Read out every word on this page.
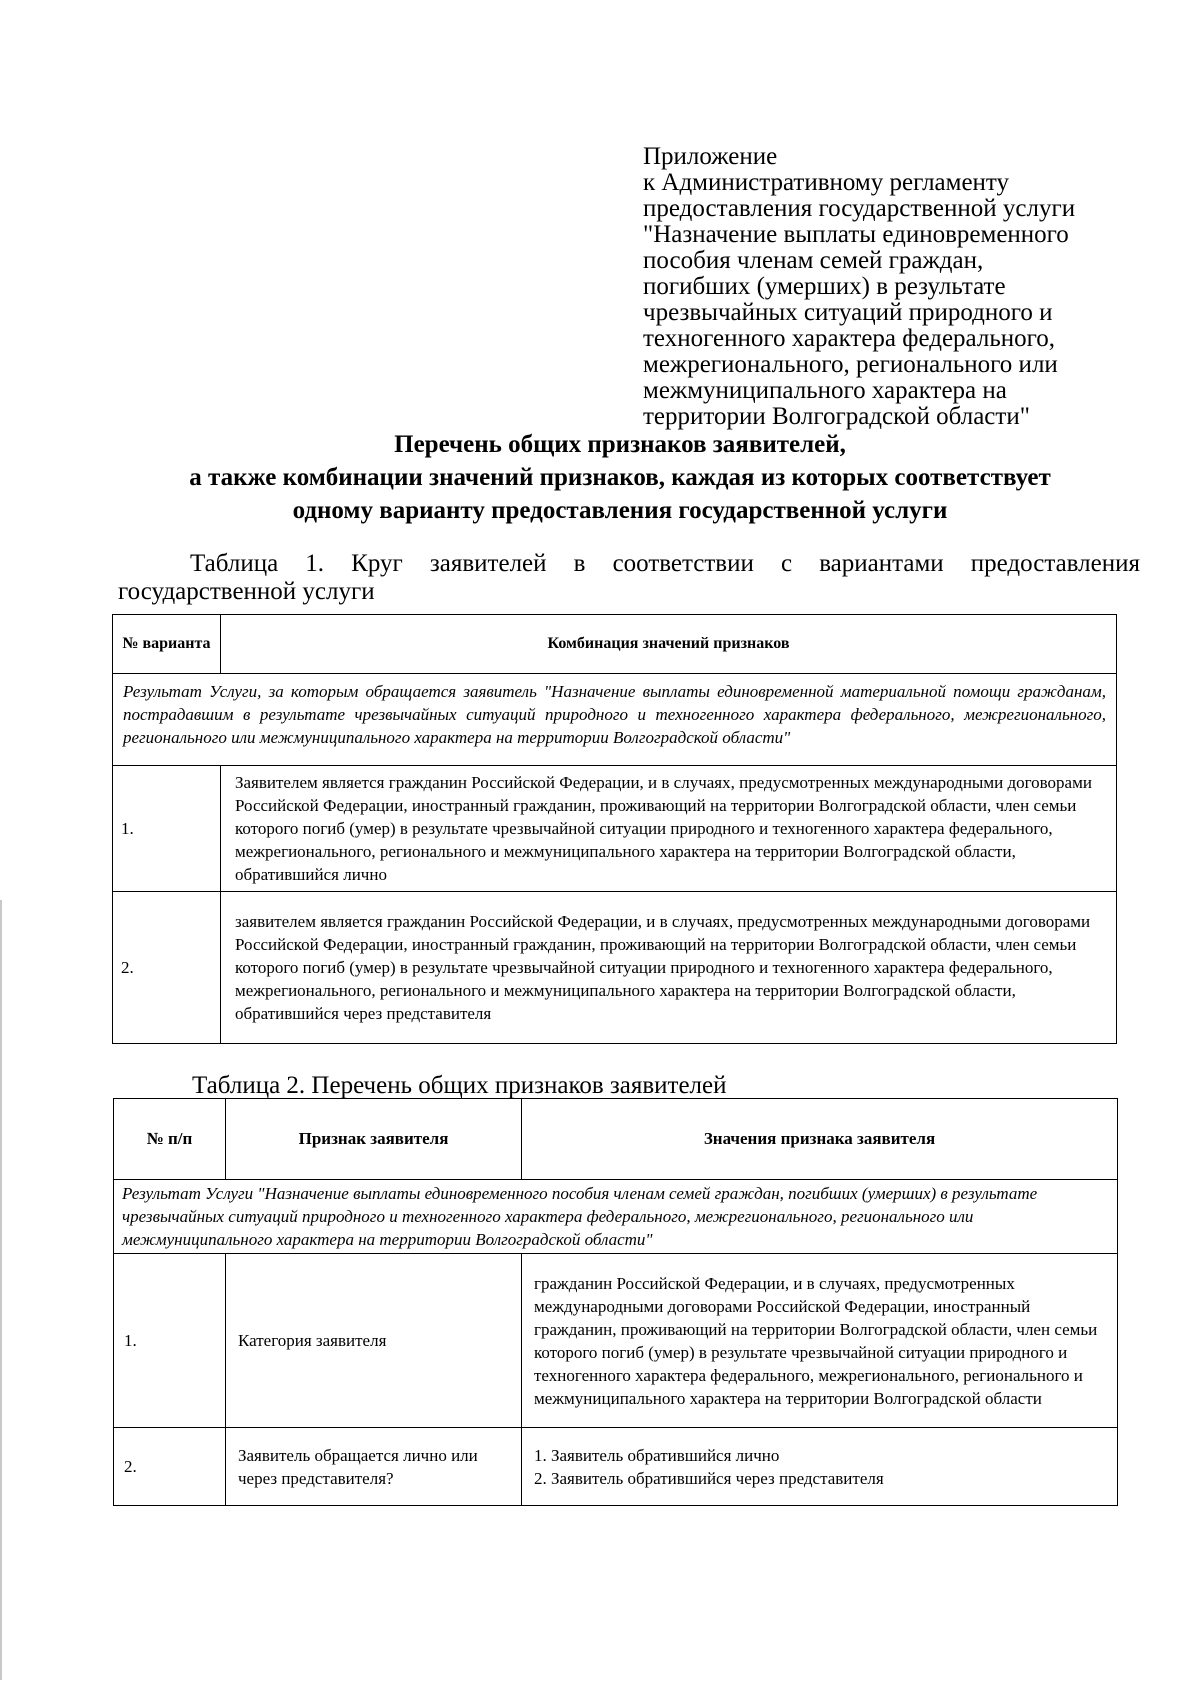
Приложение
к Административному регламенту
предоставления государственной услуги
"Назначение выплаты единовременного
пособия членам семей граждан,
погибших (умерших) в результате
чрезвычайных ситуаций природного и
техногенного характера федерального,
межрегионального, регионального или
межмуниципального характера на
территории Волгоградской области"
Перечень общих признаков заявителей,
а также комбинации значений признаков, каждая из которых соответствует
одному варианту предоставления государственной услуги
Таблица 1. Круг заявителей в соответствии с вариантами предоставления государственной услуги
№ варианта	Комбинация значений признаков
Результат Услуги, за которым обращается заявитель "Назначение выплаты единовременной материальной помощи гражданам, пострадавшим в результате чрезвычайных ситуаций природного и техногенного характера федерального, межрегионального, регионального или межмуниципального характера на территории Волгоградской области"	
1.	Заявителем является гражданин Российской Федерации, и в случаях, предусмотренных международными договорами Российской Федерации, иностранный гражданин, проживающий на территории Волгоградской области, член семьи которого погиб (умер) в результате чрезвычайной ситуации природного и техногенного характера федерального, межрегионального, регионального и межмуниципального характера на территории Волгоградской области, обратившийся лично
2.	заявителем является гражданин Российской Федерации, и в случаях, предусмотренных международными договорами Российской Федерации, иностранный гражданин, проживающий на территории Волгоградской области, член семьи которого погиб (умер) в результате чрезвычайной ситуации природного и техногенного характера федерального, межрегионального, регионального и межмуниципального характера на территории Волгоградской области, обратившийся через представителя
Таблица 2. Перечень общих признаков заявителей
№ п/п	Признак заявителя	Значения признака заявителя
Результат Услуги "Назначение выплаты единовременного пособия членам семей граждан, погибших (умерших) в результате чрезвычайных ситуаций природного и техногенного характера федерального, межрегионального, регионального или межмуниципального характера на территории Волгоградской области"		
1.	Категория заявителя	гражданин Российской Федерации, и в случаях, предусмотренных международными договорами Российской Федерации, иностранный гражданин, проживающий на территории Волгоградской области, член семьи которого погиб (умер) в результате чрезвычайной ситуации природного и техногенного характера федерального, межрегионального, регионального и межмуниципального характера на территории Волгоградской области
2.	Заявитель обращается лично или через представителя?	1. Заявитель обратившийся лично
2. Заявитель обратившийся через представителя
